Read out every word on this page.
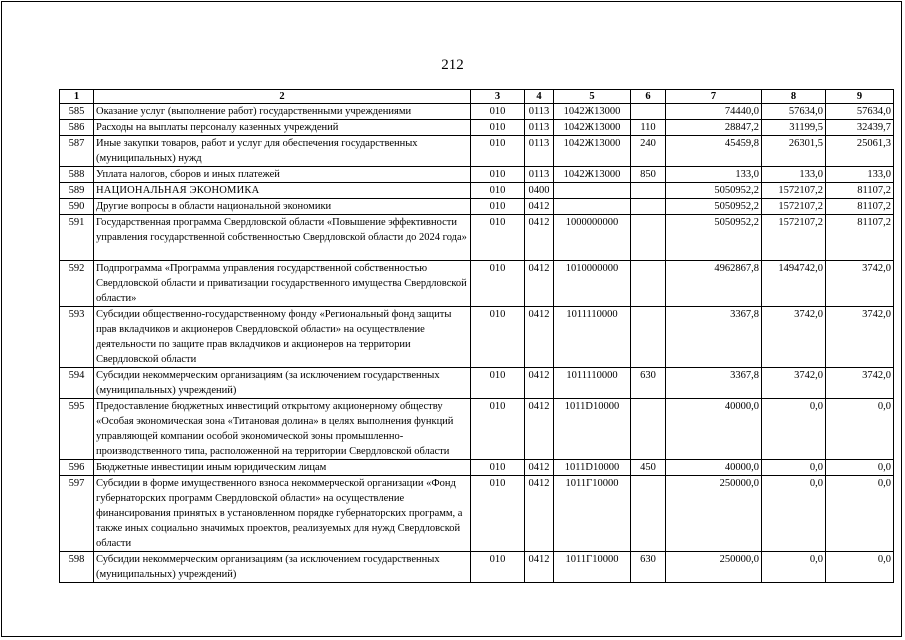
212
1	2	3	4	5	6	7	8	9
585	Оказание услуг (выполнение работ) государственными учреждениями	010	0113	1042Ж13000		74440,0	57634,0	57634,0
586	Расходы на выплаты персоналу казенных учреждений	010	0113	1042Ж13000	110	28847,2	31199,5	32439,7
587	Иные закупки товаров, работ и услуг для обеспечения государственных (муниципальных) нужд	010	0113	1042Ж13000	240	45459,8	26301,5	25061,3
588	Уплата налогов, сборов и иных платежей	010	0113	1042Ж13000	850	133,0	133,0	133,0
589	НАЦИОНАЛЬНАЯ ЭКОНОМИКА	010	0400			5050952,2	1572107,2	81107,2
590	Другие вопросы в области национальной экономики	010	0412			5050952,2	1572107,2	81107,2
591	Государственная программа Свердловской области «Повышение эффективности управления государственной собственностью Свердловской области до 2024 года»	010	0412	1000000000		5050952,2	1572107,2	81107,2
592	Подпрограмма «Программа управления государственной собственностью Свердловской области и приватизации государственного имущества Свердловской области»	010	0412	1010000000		4962867,8	1494742,0	3742,0
593	Субсидии общественно-государственному фонду «Региональный фонд защиты прав вкладчиков и акционеров Свердловской области» на осуществление деятельности по защите прав вкладчиков и акционеров на территории Свердловской области	010	0412	1011110000		3367,8	3742,0	3742,0
594	Субсидии некоммерческим организациям (за исключением государственных (муниципальных) учреждений)	010	0412	1011110000	630	3367,8	3742,0	3742,0
595	Предоставление бюджетных инвестиций открытому акционерному обществу «Особая экономическая зона «Титановая долина» в целях выполнения функций управляющей компании особой экономической зоны промышленно-производственного типа, расположенной на территории Свердловской области	010	0412	1011D10000		40000,0	0,0	0,0
596	Бюджетные инвестиции иным юридическим лицам	010	0412	1011D10000	450	40000,0	0,0	0,0
597	Субсидии в форме имущественного взноса некоммерческой организации «Фонд губернаторских программ Свердловской области» на осуществление финансирования принятых в установленном порядке губернаторских программ, а также иных социально значимых проектов, реализуемых для нужд Свердловской области	010	0412	1011Г10000		250000,0	0,0	0,0
598	Субсидии некоммерческим организациям (за исключением государственных (муниципальных) учреждений)	010	0412	1011Г10000	630	250000,0	0,0	0,0
